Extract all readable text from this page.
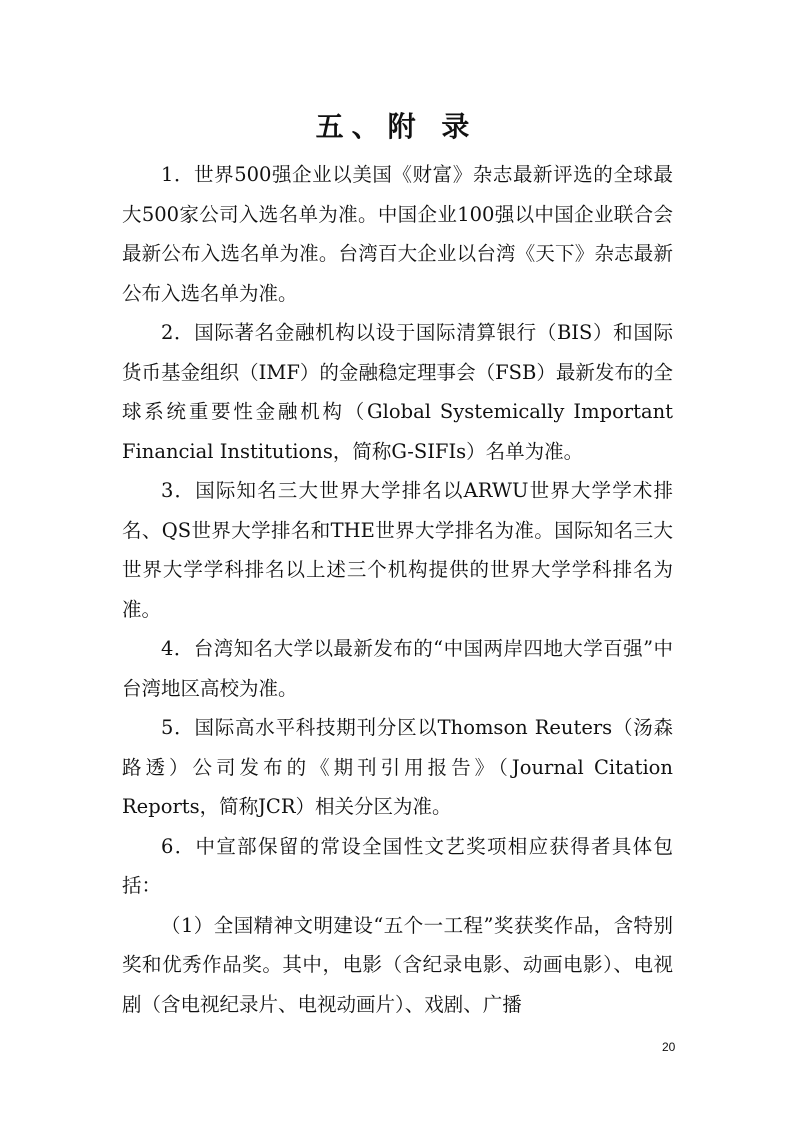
五、附 录

1．世界500强企业以美国《财富》杂志最新评选的全球最大500家公司入选名单为准。中国企业100强以中国企业联合会最新公布入选名单为准。台湾百大企业以台湾《天下》杂志最新公布入选名单为准。

2．国际著名金融机构以设于国际清算银行（BIS）和国际货币基金组织（IMF）的金融稳定理事会（FSB）最新发布的全球系统重要性金融机构（Global Systemically Important Financial Institutions，简称G-SIFIs）名单为准。

3．国际知名三大世界大学排名以ARWU世界大学学术排名、QS世界大学排名和THE世界大学排名为准。国际知名三大世界大学学科排名以上述三个机构提供的世界大学学科排名为准。

4．台湾知名大学以最新发布的“中国两岸四地大学百强”中台湾地区高校为准。

5．国际高水平科技期刊分区以Thomson Reuters（汤森路透）公司发布的《期刊引用报告》（Journal Citation Reports，简称JCR）相关分区为准。

6．中宣部保留的常设全国性文艺奖项相应获得者具体包括：

（1）全国精神文明建设“五个一工程”奖获奖作品，含特别奖和优秀作品奖。其中，电影（含纪录电影、动画电影）、电视剧（含电视纪录片、电视动画片）、戏剧、广播

20
